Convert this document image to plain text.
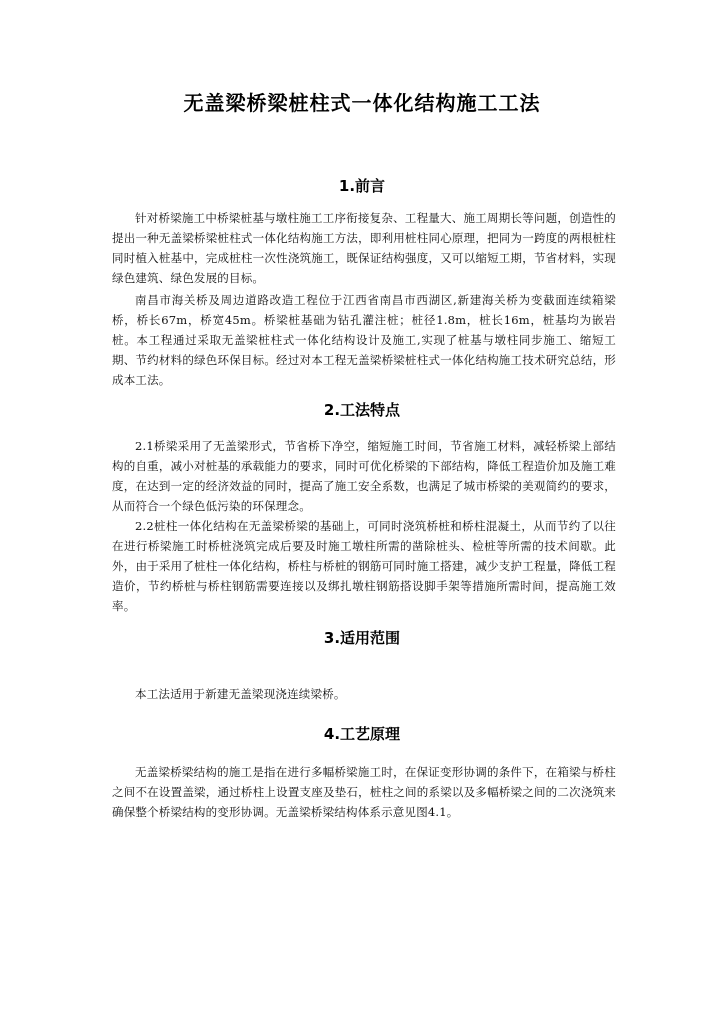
无盖梁桥梁桩柱式一体化结构施工工法
1.前言
针对桥梁施工中桥梁桩基与墩柱施工工序衔接复杂、工程量大、施工周期长等问题，创造性的提出一种无盖梁桥梁桩柱式一体化结构施工方法，即利用桩柱同心原理，把同为一跨度的两根桩柱同时植入桩基中，完成桩柱一次性浇筑施工，既保证结构强度，又可以缩短工期，节省材料，实现绿色建筑、绿色发展的目标。
南昌市海关桥及周边道路改造工程位于江西省南昌市西湖区,新建海关桥为变截面连续箱梁桥，桥长67m，桥宽45m。桥梁桩基础为钻孔灌注桩；桩径1.8m，桩长16m，桩基均为嵌岩桩。本工程通过采取无盖梁桩柱式一体化结构设计及施工,实现了桩基与墩柱同步施工、缩短工期、节约材料的绿色环保目标。经过对本工程无盖梁桥梁桩柱式一体化结构施工技术研究总结，形成本工法。
2.工法特点
2.1桥梁采用了无盖梁形式，节省桥下净空，缩短施工时间，节省施工材料，减轻桥梁上部结构的自重，减小对桩基的承载能力的要求，同时可优化桥梁的下部结构，降低工程造价加及施工难度，在达到一定的经济效益的同时，提高了施工安全系数，也满足了城市桥梁的美观简约的要求，从而符合一个绿色低污染的环保理念。
2.2桩柱一体化结构在无盖梁桥梁的基础上，可同时浇筑桥桩和桥柱混凝土，从而节约了以往在进行桥梁施工时桥桩浇筑完成后要及时施工墩柱所需的凿除桩头、检桩等所需的技术间歇。此外，由于采用了桩柱一体化结构，桥柱与桥桩的钢筋可同时施工搭建，减少支护工程量，降低工程造价，节约桥桩与桥柱钢筋需要连接以及绑扎墩柱钢筋搭设脚手架等措施所需时间，提高施工效率。
3.适用范围
本工法适用于新建无盖梁现浇连续梁桥。
4.工艺原理
无盖梁桥梁结构的施工是指在进行多幅桥梁施工时，在保证变形协调的条件下，在箱梁与桥柱之间不在设置盖梁，通过桥柱上设置支座及垫石，桩柱之间的系梁以及多幅桥梁之间的二次浇筑来确保整个桥梁结构的变形协调。无盖梁桥梁结构体系示意见图4.1。
